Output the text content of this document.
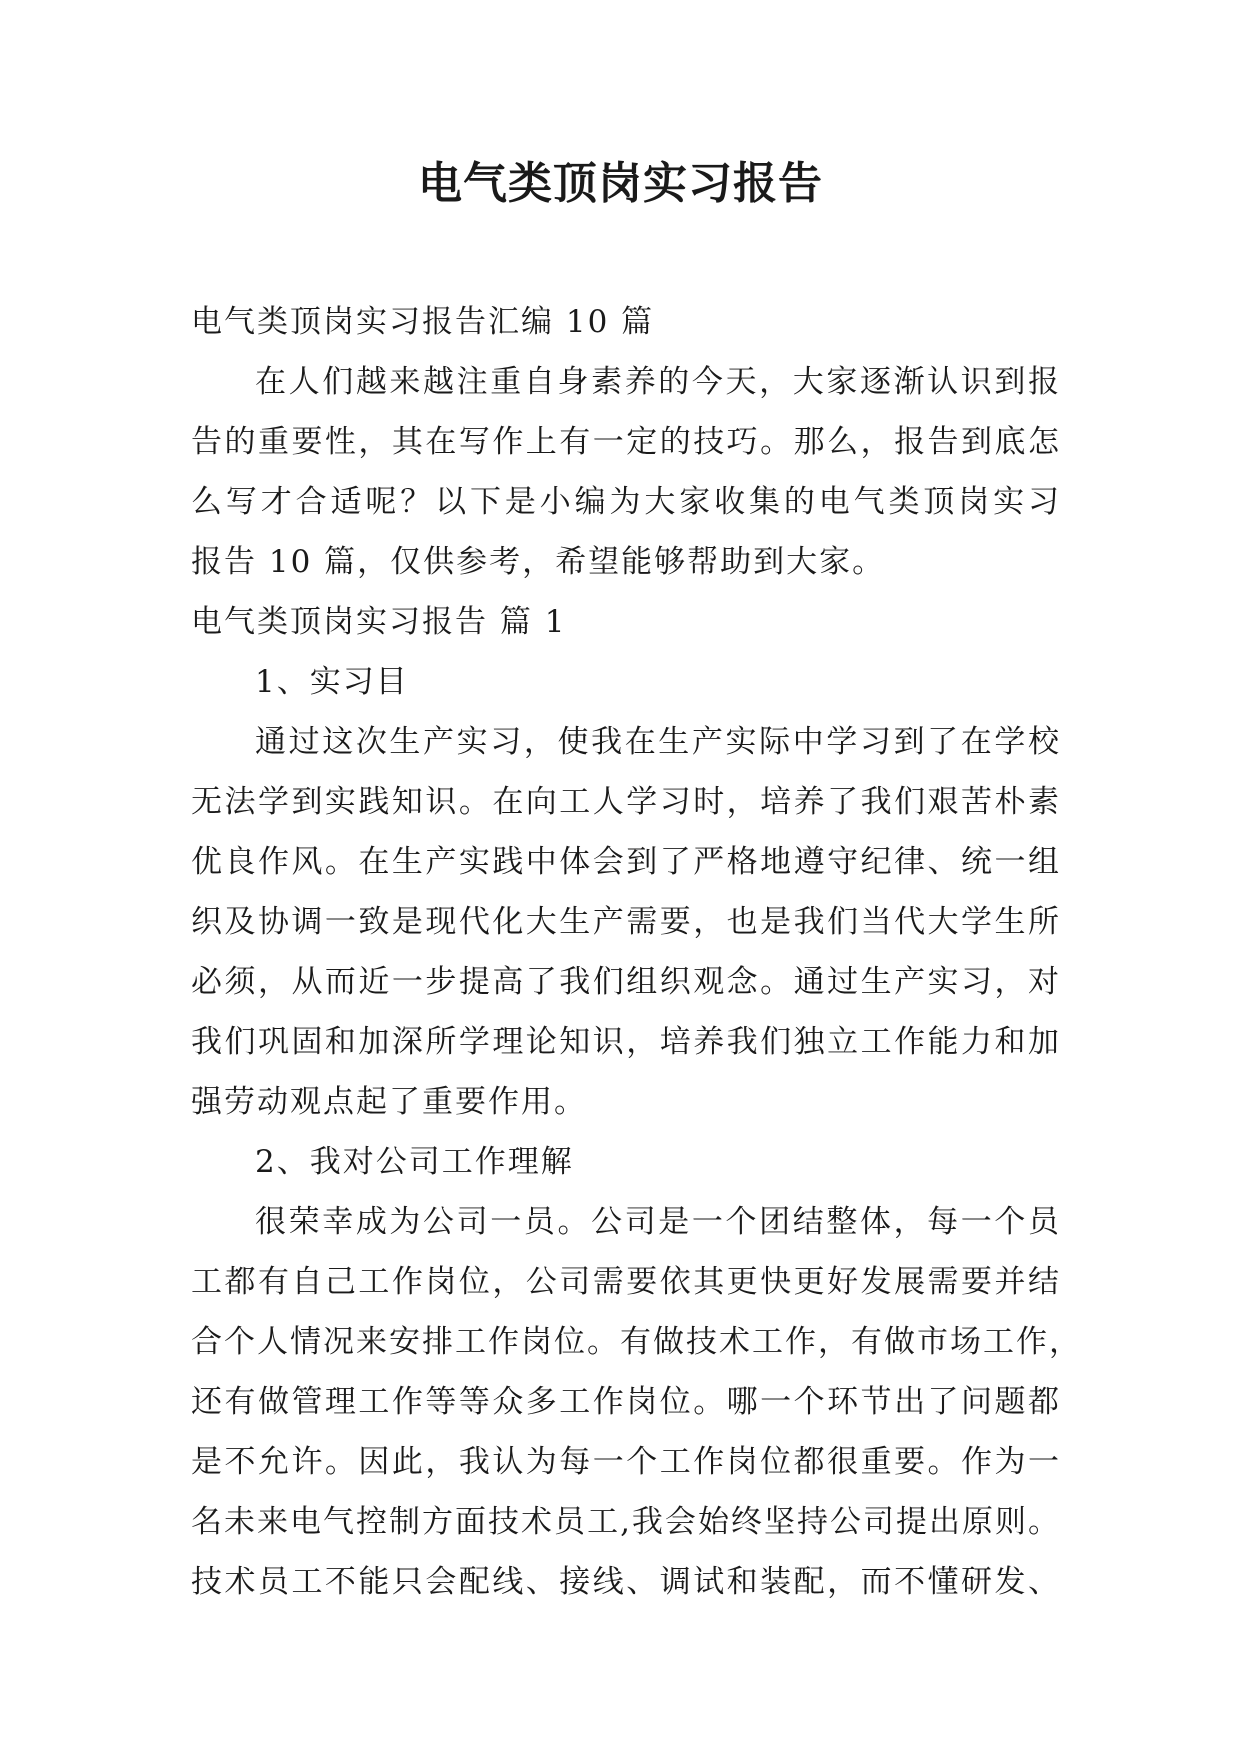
电气类顶岗实习报告
电气类顶岗实习报告汇编 10 篇
在人们越来越注重自身素养的今天，大家逐渐认识到报
告的重要性，其在写作上有一定的技巧。那么，报告到底怎
么写才合适呢？以下是小编为大家收集的电气类顶岗实习
报告 10 篇，仅供参考，希望能够帮助到大家。
电气类顶岗实习报告 篇 1
1、实习目
通过这次生产实习，使我在生产实际中学习到了在学校
无法学到实践知识。在向工人学习时，培养了我们艰苦朴素
优良作风。在生产实践中体会到了严格地遵守纪律、统一组
织及协调一致是现代化大生产需要，也是我们当代大学生所
必须，从而近一步提高了我们组织观念。通过生产实习，对
我们巩固和加深所学理论知识，培养我们独立工作能力和加
强劳动观点起了重要作用。
2、我对公司工作理解
很荣幸成为公司一员。公司是一个团结整体，每一个员
工都有自己工作岗位，公司需要依其更快更好发展需要并结
合个人情况来安排工作岗位。有做技术工作，有做市场工作，
还有做管理工作等等众多工作岗位。哪一个环节出了问题都
是不允许。因此，我认为每一个工作岗位都很重要。作为一
名未来电气控制方面技术员工,我会始终坚持公司提出原则。
技术员工不能只会配线、接线、调试和装配，而不懂研发、
